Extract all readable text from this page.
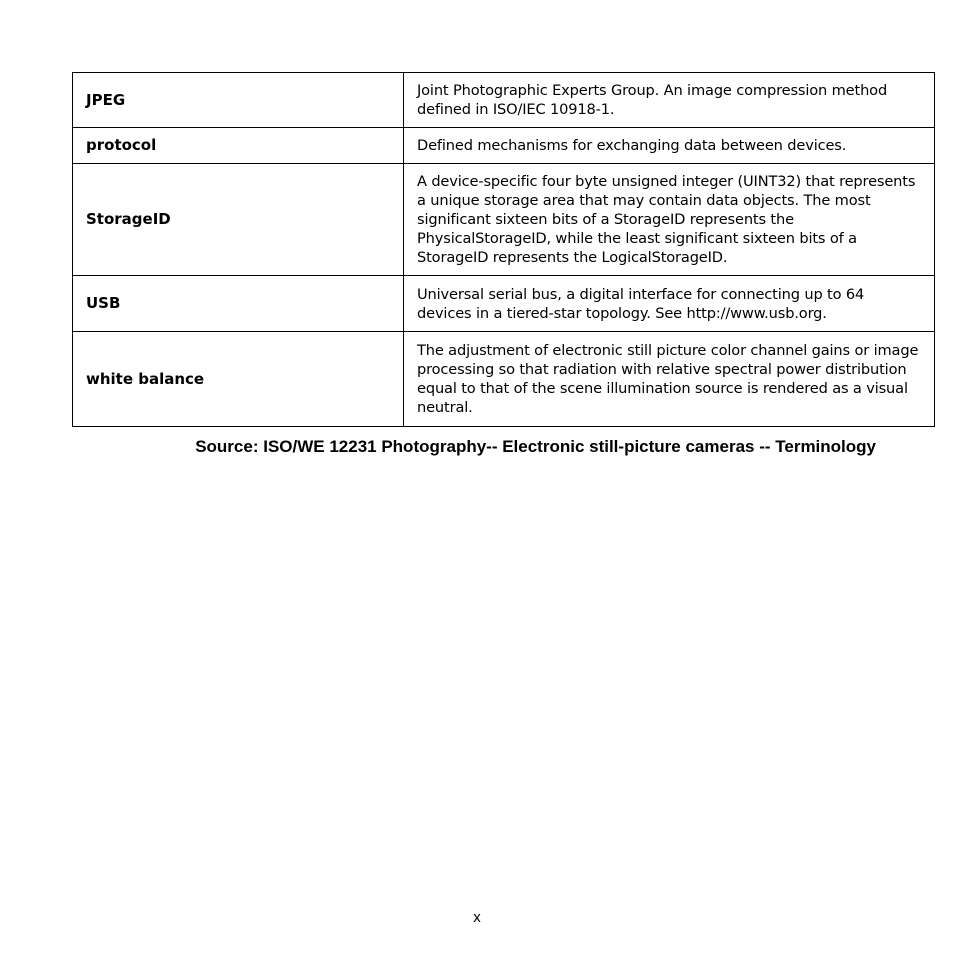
JPEG	Joint Photographic Experts Group. An image compression method defined in ISO/IEC 10918-1.
protocol	Defined mechanisms for exchanging data between devices.
StorageID	A device-specific four byte unsigned integer (UINT32) that represents a unique storage area that may contain data objects. The most significant sixteen bits of a StorageID represents the PhysicalStorageID, while the least significant sixteen bits of a StorageID represents the LogicalStorageID.
USB	Universal serial bus, a digital interface for connecting up to 64 devices in a tiered-star topology. See http://www.usb.org.
white balance	The adjustment of electronic still picture color channel gains or image processing so that radiation with relative spectral power distribution equal to that of the scene illumination source is rendered as a visual neutral.
Source: ISO/WE 12231 Photography-- Electronic still-picture cameras -- Terminology
x
